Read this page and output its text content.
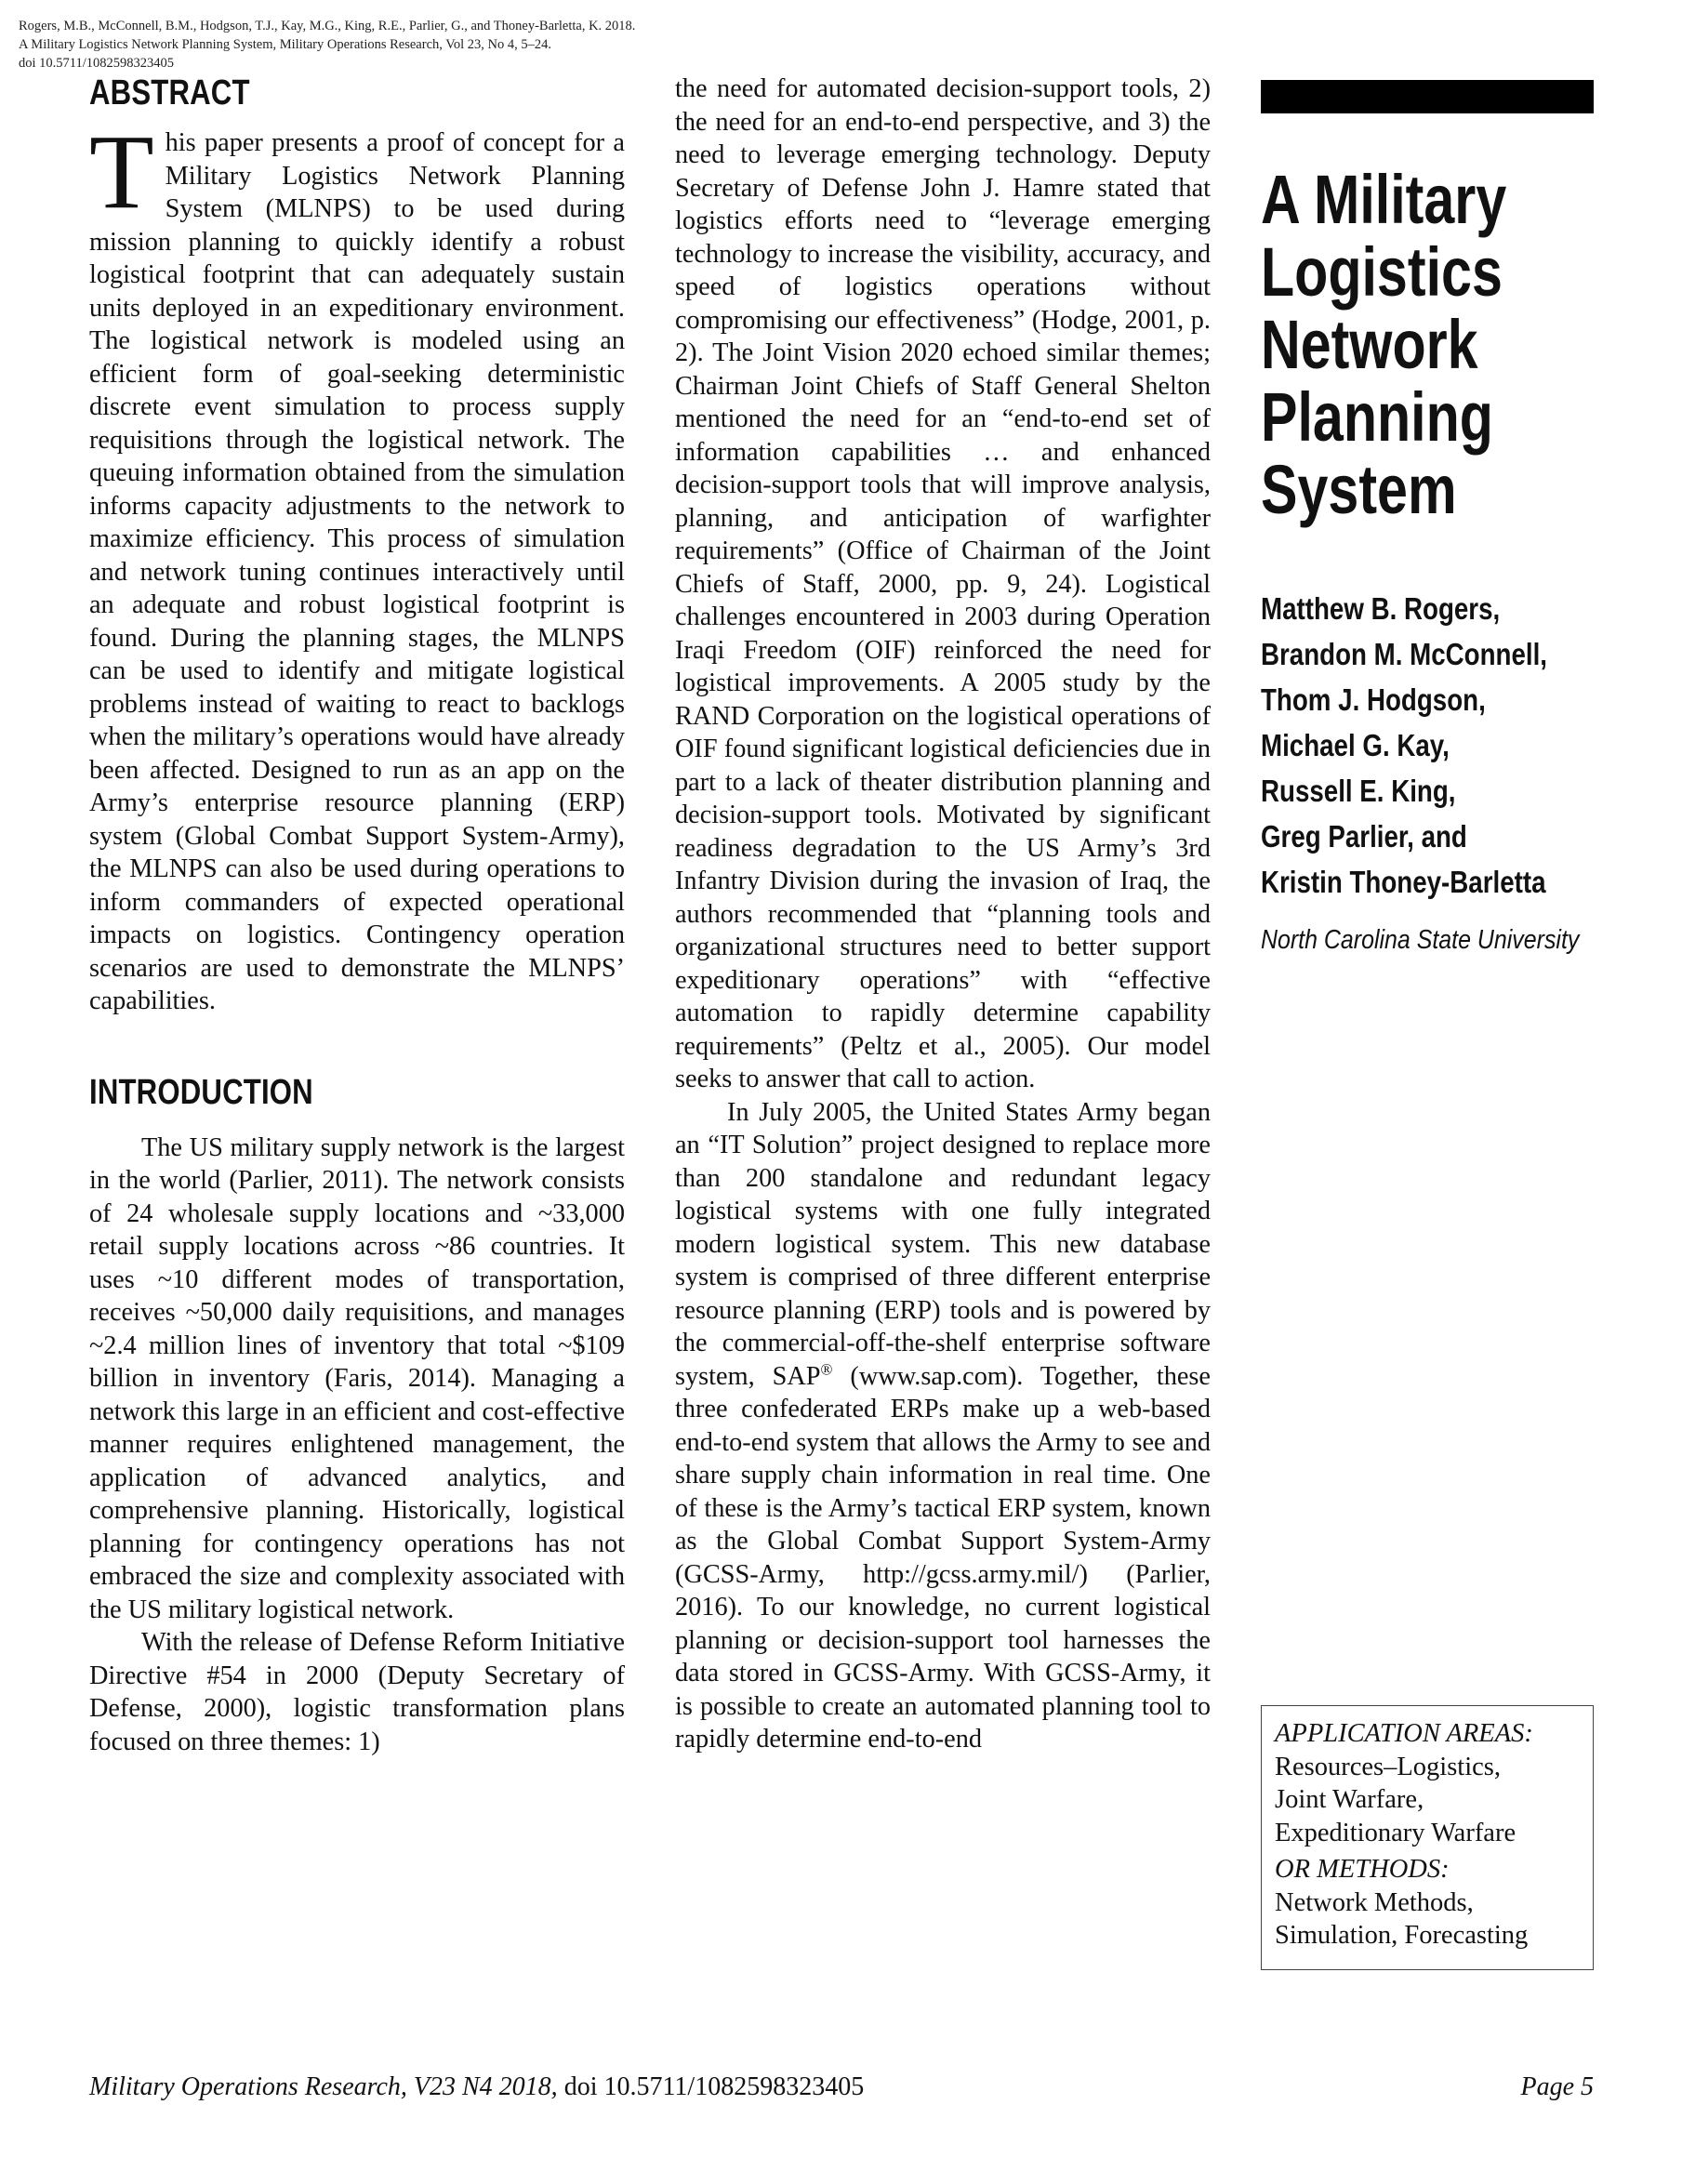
Rogers, M.B., McConnell, B.M., Hodgson, T.J., Kay, M.G., King, R.E., Parlier, G., and Thoney-Barletta, K. 2018.
A Military Logistics Network Planning System, Military Operations Research, Vol 23, No 4, 5–24.
doi 10.5711/1082598323405
ABSTRACT

This paper presents a proof of concept for a Military Logistics Network Planning System (MLNPS) to be used during mission planning to quickly identify a robust logistical footprint that can adequately sustain units deployed in an expeditionary environment. The logistical network is modeled using an efficient form of goal-seeking deterministic discrete event simulation to process supply requisitions through the logistical network. The queuing information obtained from the simulation informs capacity adjustments to the network to maximize efficiency. This process of simulation and network tuning continues interactively until an adequate and robust logistical footprint is found. During the planning stages, the MLNPS can be used to identify and mitigate logistical problems instead of waiting to react to backlogs when the military’s operations would have already been affected. Designed to run as an app on the Army’s enterprise resource planning (ERP) system (Global Combat Support System-Army), the MLNPS can also be used during operations to inform commanders of expected operational impacts on logistics. Contingency operation scenarios are used to demonstrate the MLNPS’ capabilities.

INTRODUCTION

The US military supply network is the largest in the world (Parlier, 2011). The network consists of 24 wholesale supply locations and ~33,000 retail supply locations across ~86 countries. It uses ~10 different modes of transportation, receives ~50,000 daily requisitions, and manages ~2.4 million lines of inventory that total ~$109 billion in inventory (Faris, 2014). Managing a network this large in an efficient and cost-effective manner requires enlightened management, the application of advanced analytics, and comprehensive planning. Historically, logistical planning for contingency operations has not embraced the size and complexity associated with the US military logistical network.

With the release of Defense Reform Initiative Directive #54 in 2000 (Deputy Secretary of Defense, 2000), logistic transformation plans focused on three themes: 1)

the need for automated decision-support tools, 2) the need for an end-to-end perspective, and 3) the need to leverage emerging technology. Deputy Secretary of Defense John J. Hamre stated that logistics efforts need to “leverage emerging technology to increase the visibility, accuracy, and speed of logistics operations without compromising our effectiveness” (Hodge, 2001, p. 2). The Joint Vision 2020 echoed similar themes; Chairman Joint Chiefs of Staff General Shelton mentioned the need for an “end-to-end set of information capabilities … and enhanced decision-support tools that will improve analysis, planning, and anticipation of warfighter requirements” (Office of Chairman of the Joint Chiefs of Staff, 2000, pp. 9, 24). Logistical challenges encountered in 2003 during Operation Iraqi Freedom (OIF) reinforced the need for logistical improvements. A 2005 study by the RAND Corporation on the logistical operations of OIF found significant logistical deficiencies due in part to a lack of theater distribution planning and decision-support tools. Motivated by significant readiness degradation to the US Army’s 3rd Infantry Division during the invasion of Iraq, the authors recommended that “planning tools and organizational structures need to better support expeditionary operations” with “effective automation to rapidly determine capability requirements” (Peltz et al., 2005). Our model seeks to answer that call to action.

In July 2005, the United States Army began an “IT Solution” project designed to replace more than 200 standalone and redundant legacy logistical systems with one fully integrated modern logistical system. This new database system is comprised of three different enterprise resource planning (ERP) tools and is powered by the commercial-off-the-shelf enterprise software system, SAP® (www.sap.com). Together, these three confederated ERPs make up a web-based end-to-end system that allows the Army to see and share supply chain information in real time. One of these is the Army’s tactical ERP system, known as the Global Combat Support System-Army (GCSS-Army, http://gcss.army.mil/) (Parlier, 2016). To our knowledge, no current logistical planning or decision-support tool harnesses the data stored in GCSS-Army. With GCSS-Army, it is possible to create an automated planning tool to rapidly determine end-to-end

A Military
Logistics
Network
Planning
System
Matthew B. Rogers,
Brandon M. McConnell,
Thom J. Hodgson,
Michael G. Kay,
Russell E. King,
Greg Parlier, and
Kristin Thoney-Barletta
North Carolina State University
APPLICATION AREAS:
Resources–Logistics,
Joint Warfare,
Expeditionary Warfare
OR METHODS:
Network Methods,
Simulation, Forecasting
Military Operations Research, V23 N4 2018, doi 10.5711/1082598323405	Page 5
